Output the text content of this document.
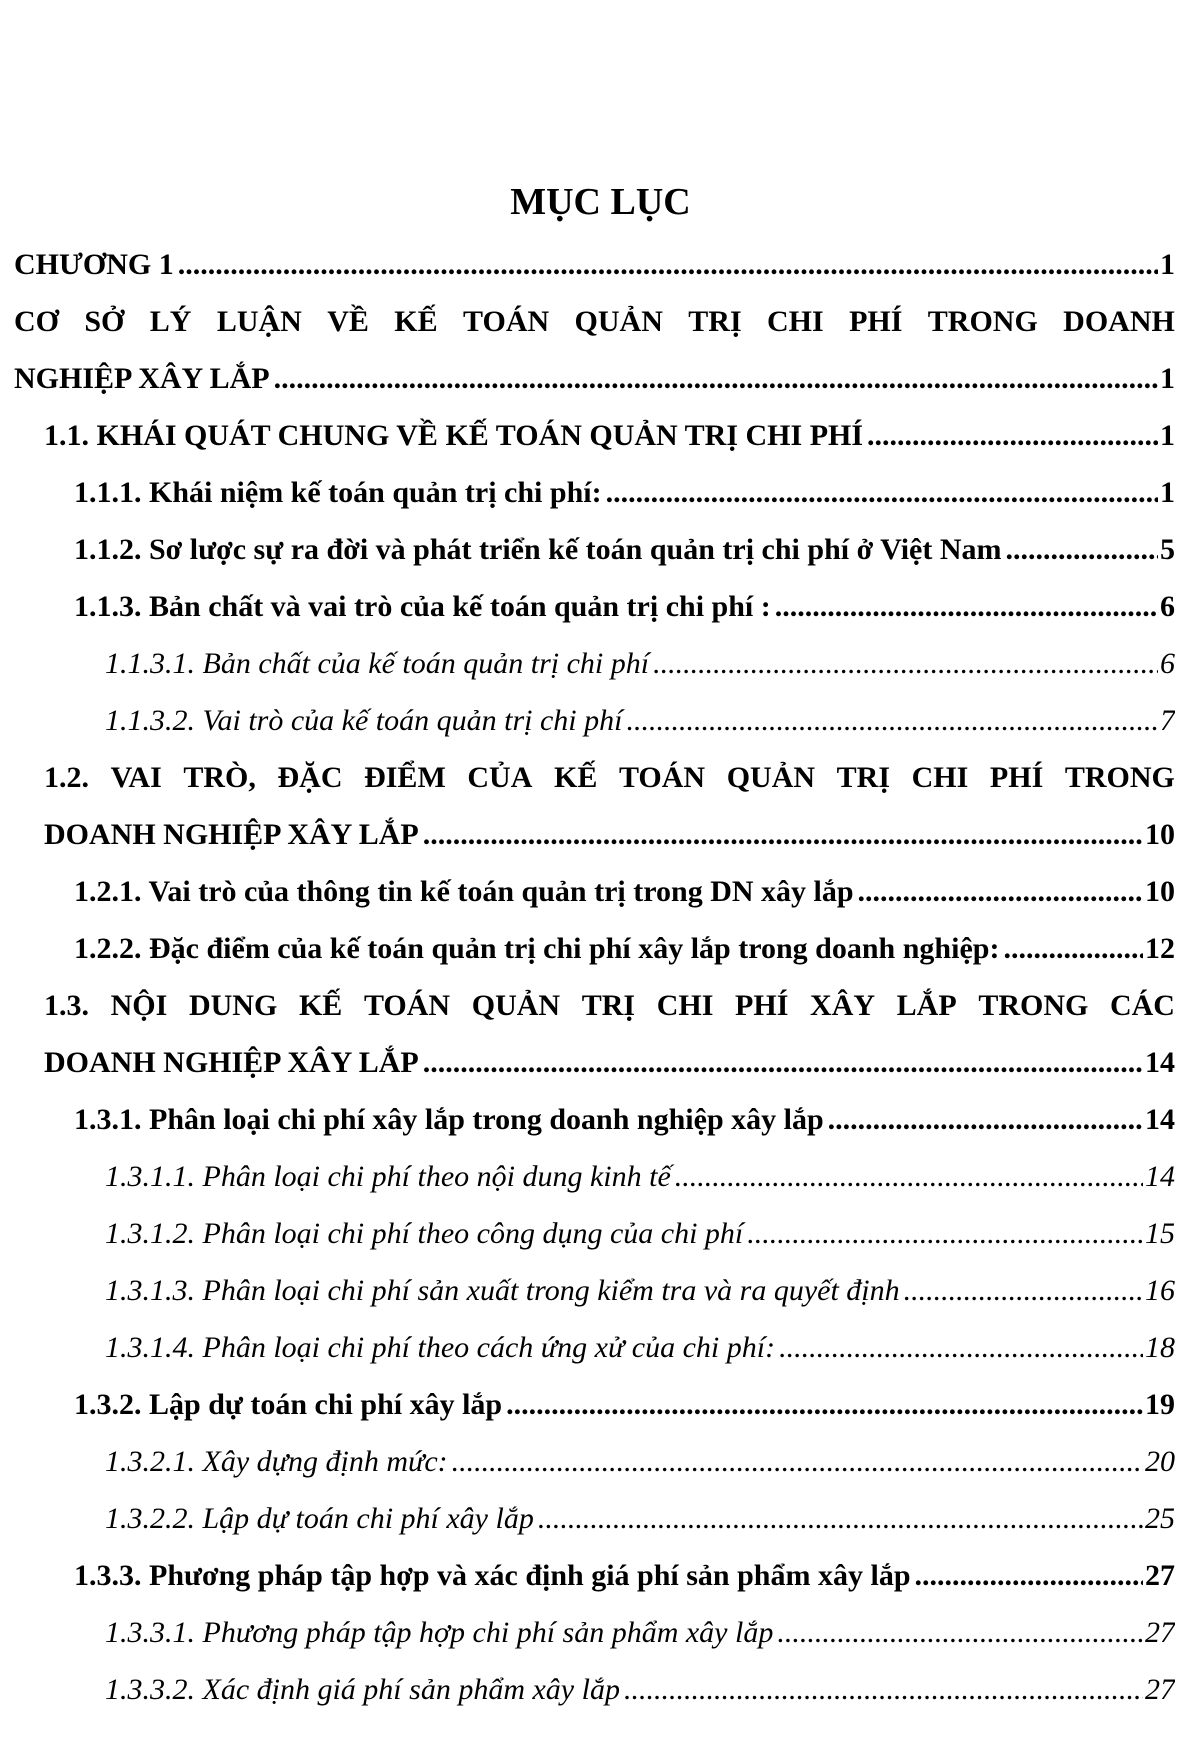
MỤC LỤC
CHƯƠNG 1 .....	1
CƠ SỞ LÝ LUẬN VỀ KẾ TOÁN QUẢN TRỊ CHI PHÍ TRONG DOANH
NGHIỆP XÂY LẮP .....	1
1.1. KHÁI QUÁT CHUNG VỀ KẾ TOÁN QUẢN TRỊ CHI PHÍ .....	1
1.1.1. Khái niệm kế toán quản trị chi phí: .....	1
1.1.2. Sơ lược sự ra đời và phát triển kế toán quản trị chi phí ở Việt Nam .....	5
1.1.3. Bản chất và vai trò của kế toán quản trị chi phí : .....	6
1.1.3.1. Bản chất của kế toán quản trị chi phí .....	6
1.1.3.2. Vai trò của kế toán quản trị chi phí .....	7
1.2. VAI TRÒ, ĐẶC ĐIỂM CỦA KẾ TOÁN QUẢN TRỊ CHI PHÍ TRONG
DOANH NGHIỆP XÂY LẮP .....	10
1.2.1. Vai trò của thông tin kế toán quản trị trong DN xây lắp .....	10
1.2.2. Đặc điểm của kế toán quản trị chi phí xây lắp trong doanh nghiệp: .....	12
1.3. NỘI DUNG KẾ TOÁN QUẢN TRỊ CHI PHÍ XÂY LẮP TRONG CÁC
DOANH NGHIỆP XÂY LẮP .....	14
1.3.1. Phân loại chi phí xây lắp trong doanh nghiệp xây lắp .....	14
1.3.1.1. Phân loại chi phí theo nội dung kinh tế .....	14
1.3.1.2. Phân loại chi phí theo công dụng của chi phí .....	15
1.3.1.3. Phân loại chi phí sản xuất trong kiểm tra và ra quyết định .....	16
1.3.1.4. Phân loại chi phí theo cách ứng xử của chi phí: .....	18
1.3.2. Lập dự toán chi phí xây lắp .....	19
1.3.2.1. Xây dựng định mức: .....	20
1.3.2.2. Lập dự toán chi phí xây lắp .....	25
1.3.3. Phương pháp tập hợp và xác định giá phí sản phẩm xây lắp .....	27
1.3.3.1. Phương pháp tập hợp chi phí sản phẩm xây lắp .....	27
1.3.3.2. Xác định giá phí sản phẩm xây lắp .....	27
